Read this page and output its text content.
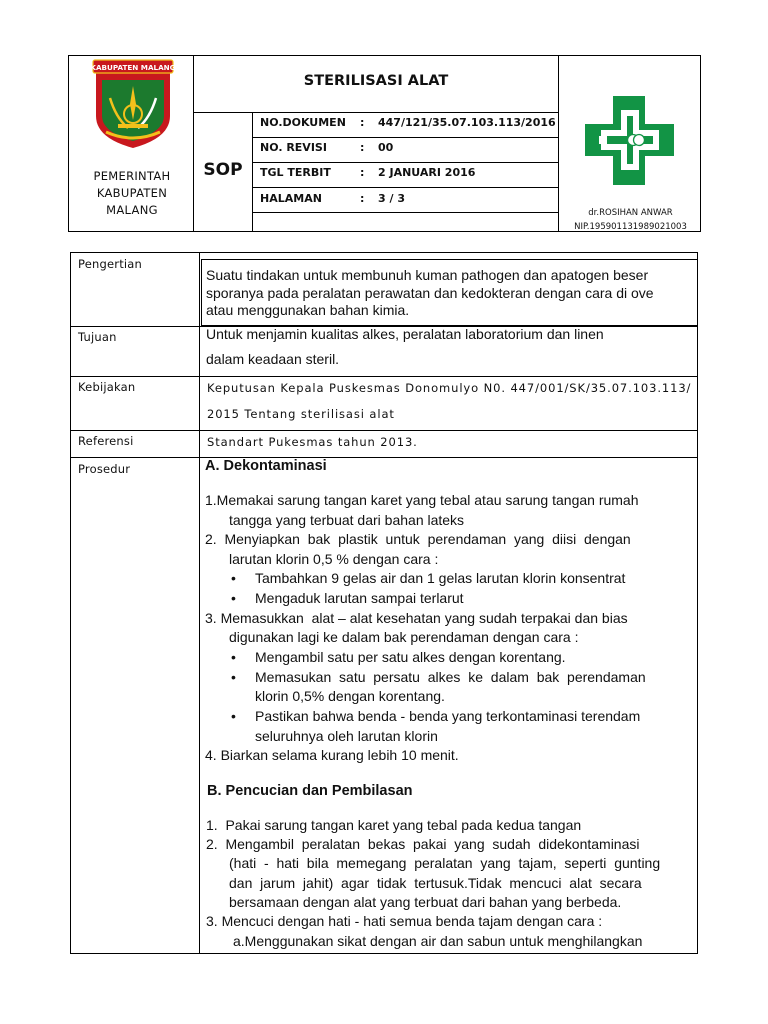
KABUPATEN MALANG
PEMERINTAH
KABUPATEN
MALANG
STERILISASI ALAT
SOP
NO.DOKUMEN : 447/121/35.07.103.113/2016
NO. REVISI	: 00
TGL TERBIT	: 2 JANUARI 2016
HALAMAN	: 3 / 3
dr.ROSIHAN ANWAR
NIP.195901131989021003
Pengertian
Suatu tindakan untuk membunuh kuman pathogen dan apatogen beser
sporanya pada peralatan perawatan dan kedokteran dengan cara di ove
atau menggunakan bahan kimia.
Tujuan	Untuk menjamin kualitas alkes, peralatan laboratorium dan linen
dalam keadaan steril.
Kebijakan	Keputusan Kepala Puskesmas Donomulyo N0. 447/001/SK/35.07.103.113/
2015 Tentang sterilisasi alat
Referensi	Standart Pukesmas tahun 2013.
Prosedur	A. Dekontaminasi
1.Memakai sarung tangan karet yang tebal atau sarung tangan rumah
tangga yang terbuat dari bahan lateks
2.  Menyiapkan  bak  plastik  untuk  perendaman  yang  diisi  dengan
larutan klorin 0,5 % dengan cara :
• Tambahkan 9 gelas air dan 1 gelas larutan klorin konsentrat
• Mengaduk larutan sampai terlarut
3. Memasukkan  alat – alat kesehatan yang sudah terpakai dan bias
digunakan lagi ke dalam bak perendaman dengan cara :
• Mengambil satu per satu alkes dengan korentang.
• Memasukan  satu  persatu  alkes  ke  dalam  bak  perendaman
klorin 0,5% dengan korentang.
• Pastikan bahwa benda - benda yang terkontaminasi terendam
seluruhnya oleh larutan klorin
4. Biarkan selama kurang lebih 10 menit.
B. Pencucian dan Pembilasan
1.  Pakai sarung tangan karet yang tebal pada kedua tangan
2.  Mengambil  peralatan  bekas  pakai  yang  sudah  didekontaminasi
(hati  -  hati  bila  memegang  peralatan  yang  tajam,  seperti  gunting
dan  jarum  jahit)  agar  tidak  tertusuk.Tidak  mencuci  alat  secara
bersamaan dengan alat yang terbuat dari bahan yang berbeda.
3. Mencuci dengan hati - hati semua benda tajam dengan cara :
a.Menggunakan sikat dengan air dan sabun untuk menghilangkan
